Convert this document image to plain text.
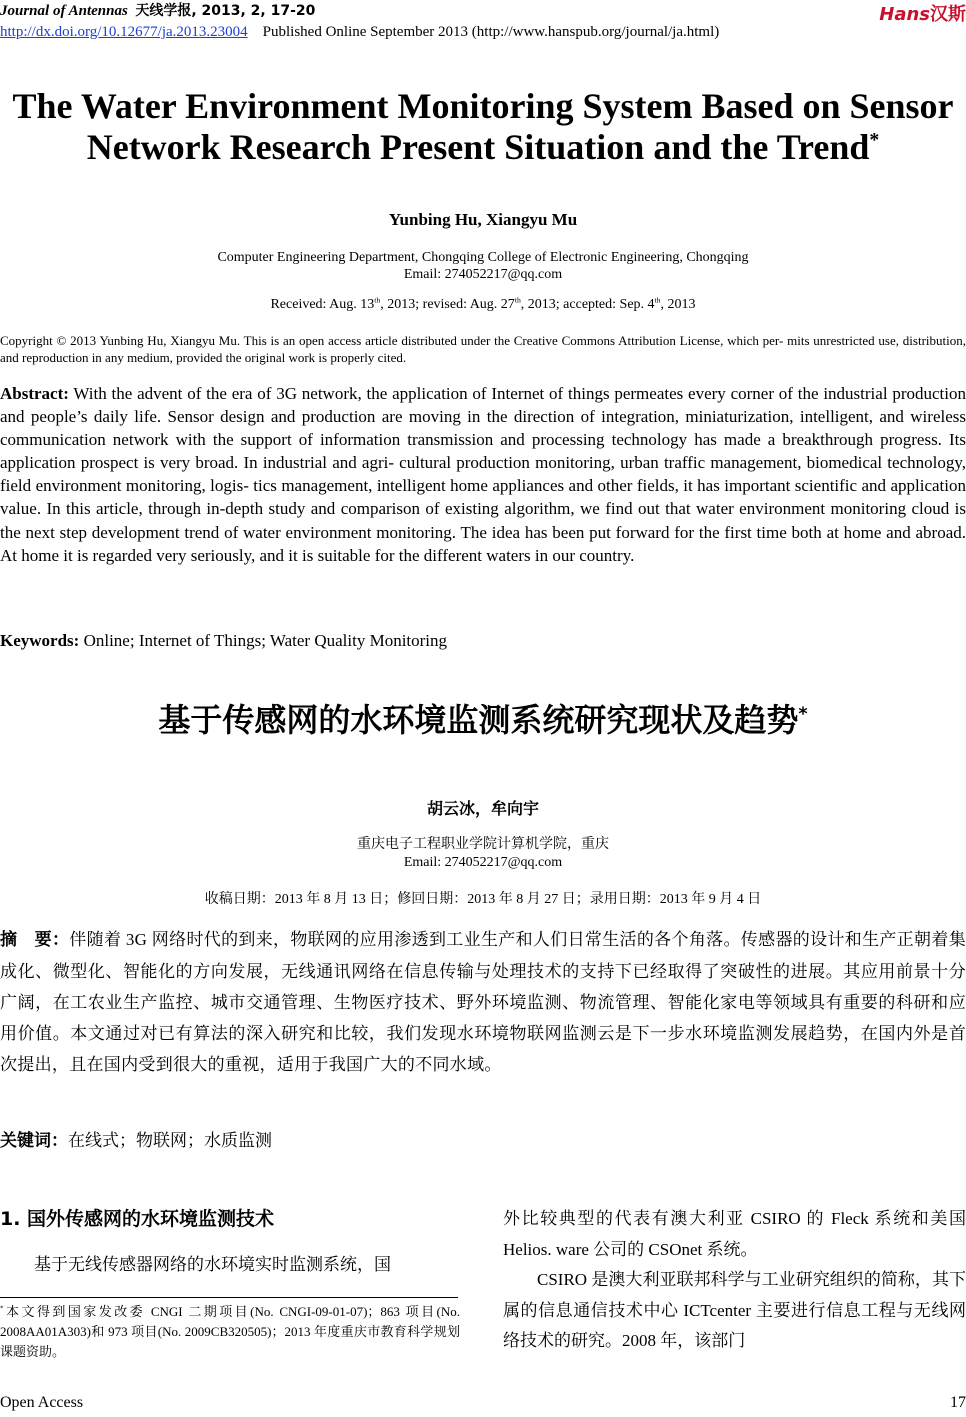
Journal of Antennas 天线学报, 2013, 2, 17-20	Hans汉斯
http://dx.doi.org/10.12677/ja.2013.23004 Published Online September 2013 (http://www.hanspub.org/journal/ja.html)
The Water Environment Monitoring System Based on Sensor
Network Research Present Situation and the Trend*
Yunbing Hu, Xiangyu Mu
Computer Engineering Department, Chongqing College of Electronic Engineering, Chongqing
Email: 274052217@qq.com
Received: Aug. 13th, 2013; revised: Aug. 27th, 2013; accepted: Sep. 4th, 2013
Copyright © 2013 Yunbing Hu, Xiangyu Mu. This is an open access article distributed under the Creative Commons Attribution License, which per- mits unrestricted use, distribution, and reproduction in any medium, provided the original work is properly cited.
Abstract: With the advent of the era of 3G network, the application of Internet of things permeates every corner of the industrial production and people’s daily life. Sensor design and production are moving in the direction of integration, miniaturization, intelligent, and wireless communication network with the support of information transmission and processing technology has made a breakthrough progress. Its application prospect is very broad. In industrial and agri- cultural production monitoring, urban traffic management, biomedical technology, field environment monitoring, logis- tics management, intelligent home appliances and other fields, it has important scientific and application value. In this article, through in-depth study and comparison of existing algorithm, we find out that water environment monitoring cloud is the next step development trend of water environment monitoring. The idea has been put forward for the first time both at home and abroad. At home it is regarded very seriously, and it is suitable for the different waters in our country.
Keywords: Online; Internet of Things; Water Quality Monitoring
基于传感网的水环境监测系统研究现状及趋势*
胡云冰，牟向宇
重庆电子工程职业学院计算机学院，重庆
Email: 274052217@qq.com
收稿日期：2013 年 8 月 13 日；修回日期：2013 年 8 月 27 日；录用日期：2013 年 9 月 4 日
摘　要：伴随着 3G 网络时代的到来，物联网的应用渗透到工业生产和人们日常生活的各个角落。传感器的设计和生产正朝着集成化、微型化、智能化的方向发展，无线通讯网络在信息传输与处理技术的支持下已经取得了突破性的进展。其应用前景十分广阔，在工农业生产监控、城市交通管理、生物医疗技术、野外环境监测、物流管理、智能化家电等领域具有重要的科研和应用价值。本文通过对已有算法的深入研究和比较，我们发现水环境物联网监测云是下一步水环境监测发展趋势，在国内外是首次提出，且在国内受到很大的重视，适用于我国广大的不同水域。
关键词：在线式；物联网；水质监测
1. 国外传感网的水环境监测技术
基于无线传感器网络的水环境实时监测系统，国
*本文得到国家发改委 CNGI 二期项目(No. CNGI-09-01-07)；863 项目(No. 2008AA01A303)和 973 项目(No. 2009CB320505)；2013 年度重庆市教育科学规划课题资助。

外比较典型的代表有澳大利亚 CSIRO 的 Fleck 系统和美国 Helios. ware 公司的 CSOnet 系统。

CSIRO 是澳大利亚联邦科学与工业研究组织的简称，其下属的信息通信技术中心 ICTcenter 主要进行信息工程与无线网络技术的研究。2008 年，该部门

Open Access	17
